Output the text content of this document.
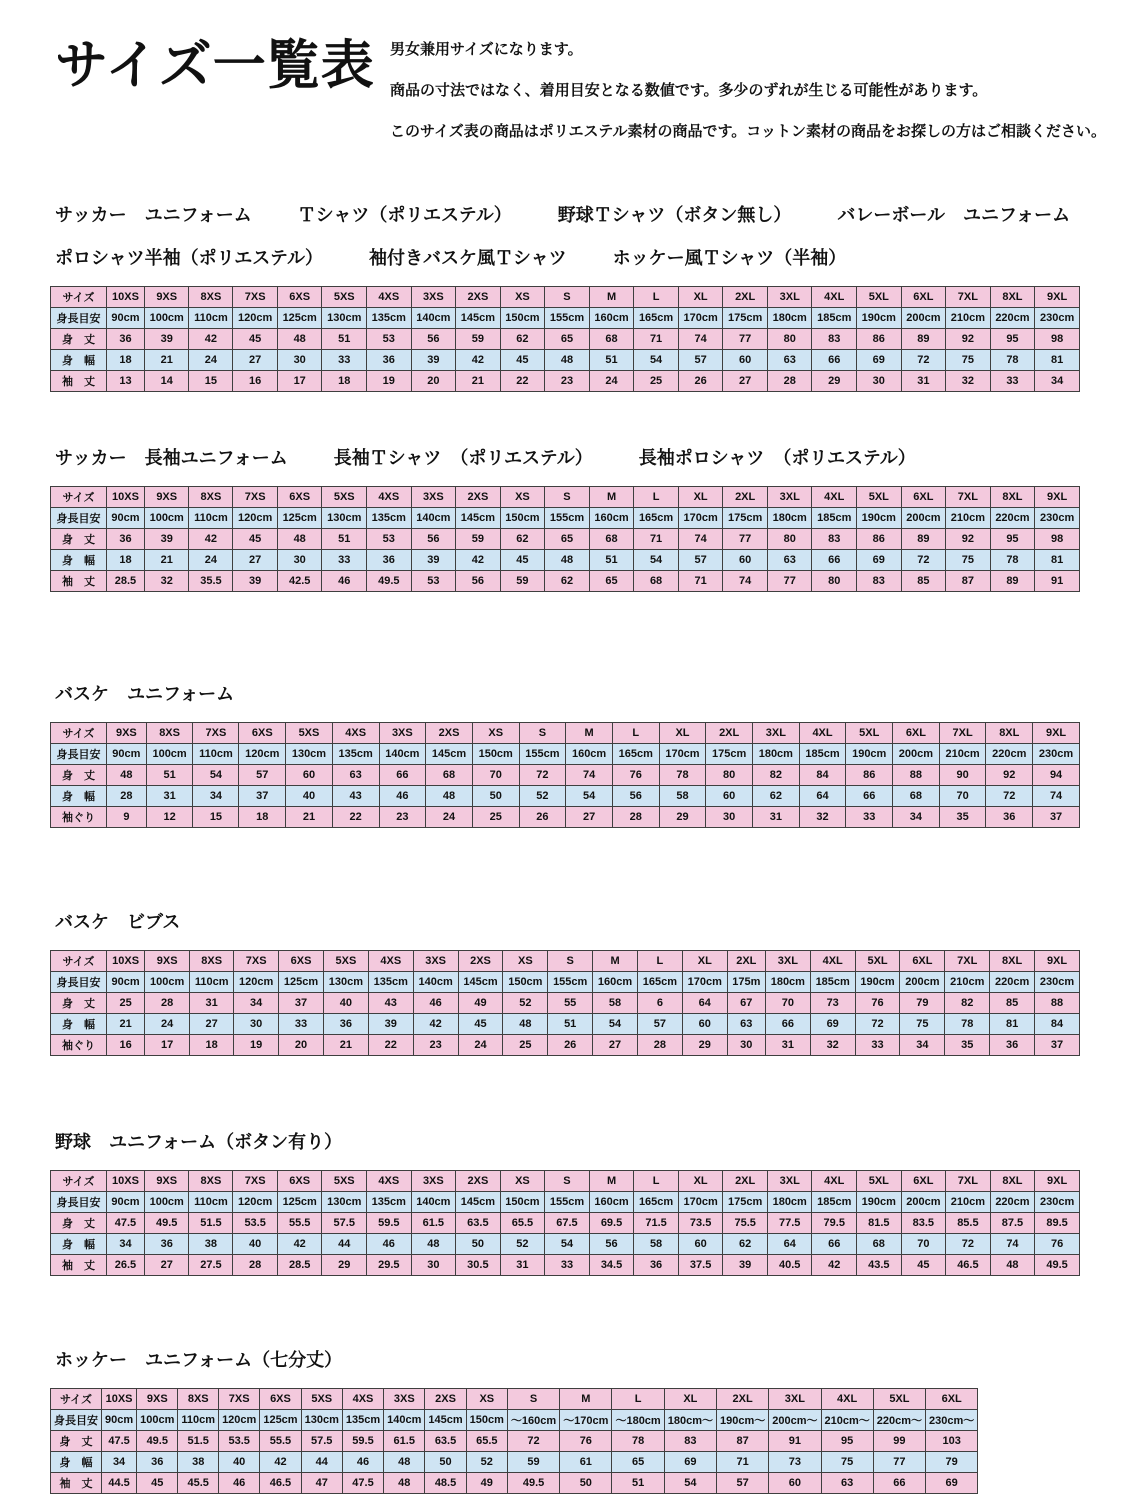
サイズ一覧表	男女兼用サイズになります。
商品の寸法ではなく、着用目安となる数値です。多少のずれが生じる可能性があります。
このサイズ表の商品はポリエステル素材の商品です。コットン素材の商品をお探しの方はご相談ください。
サッカー　ユニフォーム	Ｔシャツ（ポリエステル）	野球Ｔシャツ（ボタン無し）	バレーボール　ユニフォーム
ポロシャツ半袖（ポリエステル）	袖付きバスケ風Ｔシャツ	ホッケー風Ｔシャツ（半袖）
サイズ	10XS	9XS	8XS	7XS	6XS	5XS	4XS	3XS	2XS	XS	S	M	L	XL	2XL	3XL	4XL	5XL	6XL	7XL	8XL	9XL
身長目安	90cm	100cm	110cm	120cm	125cm	130cm	135cm	140cm	145cm	150cm	155cm	160cm	165cm	170cm	175cm	180cm	185cm	190cm	200cm	210cm	220cm	230cm
身　丈	36	39	42	45	48	51	53	56	59	62	65	68	71	74	77	80	83	86	89	92	95	98
身　幅	18	21	24	27	30	33	36	39	42	45	48	51	54	57	60	63	66	69	72	75	78	81
袖　丈	13	14	15	16	17	18	19	20	21	22	23	24	25	26	27	28	29	30	31	32	33	34
サッカー　長袖ユニフォーム	長袖Ｔシャツ　（ポリエステル）	長袖ポロシャツ　（ポリエステル）
サイズ	10XS	9XS	8XS	7XS	6XS	5XS	4XS	3XS	2XS	XS	S	M	L	XL	2XL	3XL	4XL	5XL	6XL	7XL	8XL	9XL
身長目安	90cm	100cm	110cm	120cm	125cm	130cm	135cm	140cm	145cm	150cm	155cm	160cm	165cm	170cm	175cm	180cm	185cm	190cm	200cm	210cm	220cm	230cm
身　丈	36	39	42	45	48	51	53	56	59	62	65	68	71	74	77	80	83	86	89	92	95	98
身　幅	18	21	24	27	30	33	36	39	42	45	48	51	54	57	60	63	66	69	72	75	78	81
袖　丈	28.5	32	35.5	39	42.5	46	49.5	53	56	59	62	65	68	71	74	77	80	83	85	87	89	91
バスケ　ユニフォーム
サイズ	9XS	8XS	7XS	6XS	5XS	4XS	3XS	2XS	XS	S	M	L	XL	2XL	3XL	4XL	5XL	6XL	7XL	8XL	9XL
身長目安	90cm	100cm	110cm	120cm	130cm	135cm	140cm	145cm	150cm	155cm	160cm	165cm	170cm	175cm	180cm	185cm	190cm	200cm	210cm	220cm	230cm
身　丈	48	51	54	57	60	63	66	68	70	72	74	76	78	80	82	84	86	88	90	92	94
身　幅	28	31	34	37	40	43	46	48	50	52	54	56	58	60	62	64	66	68	70	72	74
袖ぐり	9	12	15	18	21	22	23	24	25	26	27	28	29	30	31	32	33	34	35	36	37
バスケ　ビブス
サイズ	10XS	9XS	8XS	7XS	6XS	5XS	4XS	3XS	2XS	XS	S	M	L	XL	2XL	3XL	4XL	5XL	6XL	7XL	8XL	9XL
身長目安	90cm	100cm	110cm	120cm	125cm	130cm	135cm	140cm	145cm	150cm	155cm	160cm	165cm	170cm	175m	180cm	185cm	190cm	200cm	210cm	220cm	230cm
身　丈	25	28	31	34	37	40	43	46	49	52	55	58	6	64	67	70	73	76	79	82	85	88
身　幅	21	24	27	30	33	36	39	42	45	48	51	54	57	60	63	66	69	72	75	78	81	84
袖ぐり	16	17	18	19	20	21	22	23	24	25	26	27	28	29	30	31	32	33	34	35	36	37
野球　ユニフォーム（ボタン有り）
サイズ	10XS	9XS	8XS	7XS	6XS	5XS	4XS	3XS	2XS	XS	S	M	L	XL	2XL	3XL	4XL	5XL	6XL	7XL	8XL	9XL
身長目安	90cm	100cm	110cm	120cm	125cm	130cm	135cm	140cm	145cm	150cm	155cm	160cm	165cm	170cm	175cm	180cm	185cm	190cm	200cm	210cm	220cm	230cm
身　丈	47.5	49.5	51.5	53.5	55.5	57.5	59.5	61.5	63.5	65.5	67.5	69.5	71.5	73.5	75.5	77.5	79.5	81.5	83.5	85.5	87.5	89.5
身　幅	34	36	38	40	42	44	46	48	50	52	54	56	58	60	62	64	66	68	70	72	74	76
袖　丈	26.5	27	27.5	28	28.5	29	29.5	30	30.5	31	33	34.5	36	37.5	39	40.5	42	43.5	45	46.5	48	49.5
ホッケー　ユニフォーム（七分丈）
サイズ	10XS	9XS	8XS	7XS	6XS	5XS	4XS	3XS	2XS	XS	S	M	L	XL	2XL	3XL	4XL	5XL	6XL
身長目安	90cm	100cm	110cm	120cm	125cm	130cm	135cm	140cm	145cm	150cm	～160cm	～170cm	～180cm	180cm～	190cm～	200cm～	210cm～	220cm～	230cm～
身　丈	47.5	49.5	51.5	53.5	55.5	57.5	59.5	61.5	63.5	65.5	72	76	78	83	87	91	95	99	103
身　幅	34	36	38	40	42	44	46	48	50	52	59	61	65	69	71	73	75	77	79
袖　丈	44.5	45	45.5	46	46.5	47	47.5	48	48.5	49	49.5	50	51	54	57	60	63	66	69
